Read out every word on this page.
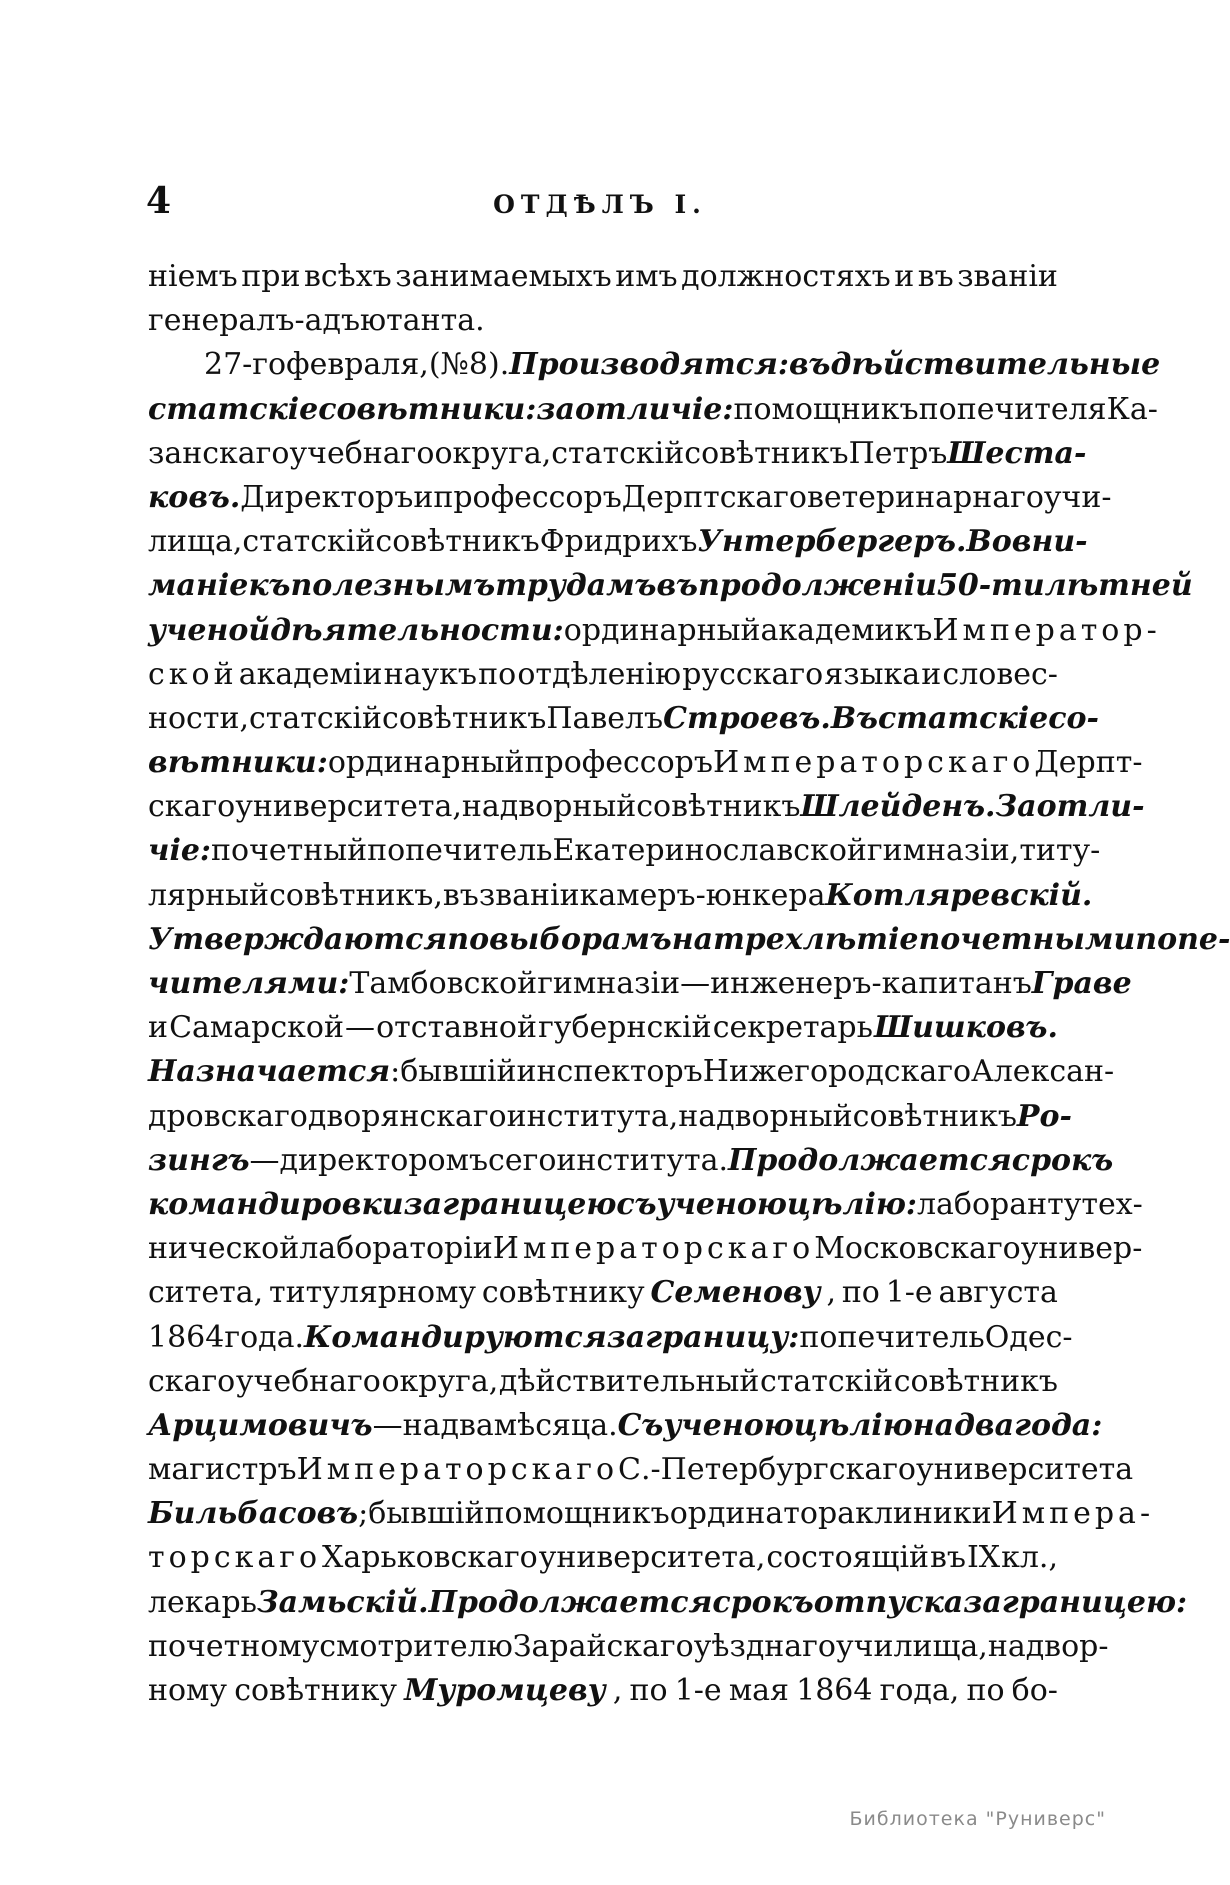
4	ОТДѢЛЪ I.
ніемъ при всѣхъ занимаемыхъ имъ должностяхъ и въ званіи
генералъ-адъютанта.
27-го февраля, (№ 8). Производятся: въ дѣйствительные
статскіе совѣтники: за отличіе: помощникъ попечителя Ка-
занскаго учебнаго округа, статскій совѣтникъ Петръ Шеста-
ковъ. Директоръ и профессоръ Дерптскаго ветеринарнаго учи-
лища, статскій совѣтникъ Фридрихъ Унтербергеръ. Во вни-
маніе къ полезнымъ трудамъ въ продолженіи 50-ти лѣтней
ученой дѣятельности: ординарный академикъ Император-
ской академіи наукъ по отдѣленію русскаго языка и словес-
ности, статскій совѣтникъ Павелъ Строевъ. Въ статскіе со-
вѣтники: ординарный профессоръ Императорскаго Дерпт-
скаго университета, надворный совѣтникъ Шлейденъ. За отли-
чіе: почетный попечитель Екатеринославской гимназіи, титу-
лярный совѣтникъ, въ званіи камеръ-юнкера Котляревскій.
Утверждаются по выборамъ на трехлѣтіе почетными попе-
чителями: Тамбовской гимназіи — инженеръ-капитанъ Граве
и Самарской — отставной губернскій секретарь Шишковъ.
Назначается : бывшій инспекторъ Нижегородскаго Алексан-
дровскаго дворянскаго института, надворный совѣтникъ Ро-
зингъ — директоромъ сего института. Продолжается срокъ
командировки за границею съ ученою цѣлію: лаборанту тех-
нической лабораторіи Императорскаго Московскаго универ-
ситета, титулярному совѣтнику Семенову , по 1-е августа
1864 года. Командируются за границу: попечитель Одес-
скаго учебнаго округа, дѣйствительный статскій совѣтникъ
Арцимовичъ — на два мѣсяца. Съ ученою цѣлію на два года:
магистръ Императорскаго С.-Петербургскаго университета
Бильбасовъ ; бывшій помощникъ ординатора клиники Импера-
торскаго Харьковскаго университета, состоящій въ IX кл.,
лекарь Замьскій. Продолжается срокъ отпуска за границею:
почетному смотрителю Зарайскаго уѣзднаго училища, надвор-
ному совѣтнику Муромцеву , по 1-е мая 1864 года, по бо-
Библиотека "Руниверс"
